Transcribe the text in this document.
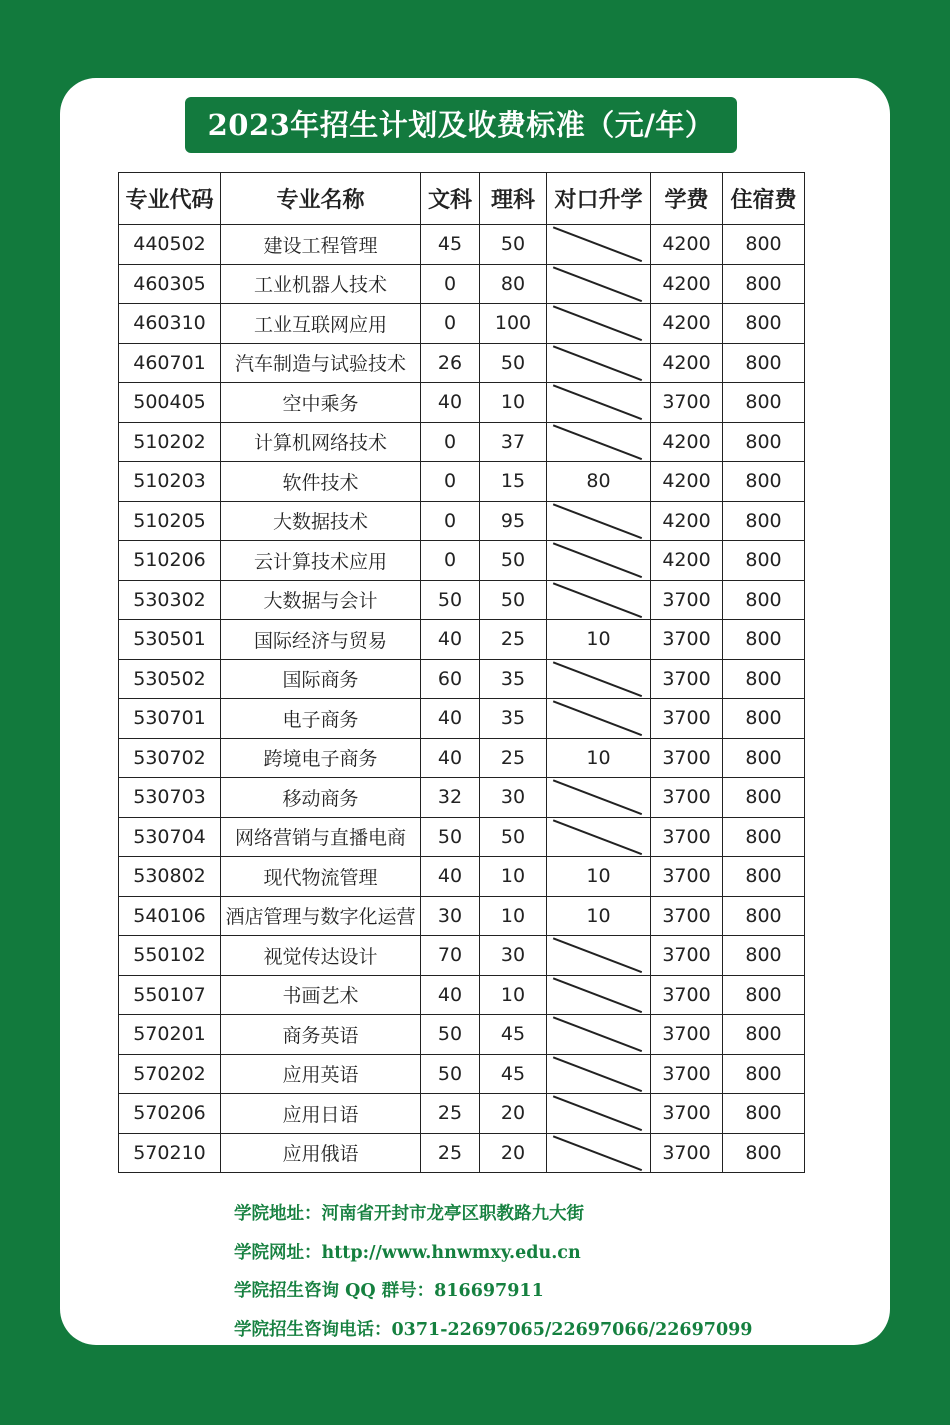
2023年招生计划及收费标准（元/年）
专业代码	专业名称	文科	理科	对口升学	学费	住宿费
440502	建设工程管理	45	50		4200	800
460305	工业机器人技术	0	80		4200	800
460310	工业互联网应用	0	100		4200	800
460701	汽车制造与试验技术	26	50		4200	800
500405	空中乘务	40	10		3700	800
510202	计算机网络技术	0	37		4200	800
510203	软件技术	0	15	80	4200	800
510205	大数据技术	0	95		4200	800
510206	云计算技术应用	0	50		4200	800
530302	大数据与会计	50	50		3700	800
530501	国际经济与贸易	40	25	10	3700	800
530502	国际商务	60	35		3700	800
530701	电子商务	40	35		3700	800
530702	跨境电子商务	40	25	10	3700	800
530703	移动商务	32	30		3700	800
530704	网络营销与直播电商	50	50		3700	800
530802	现代物流管理	40	10	10	3700	800
540106	酒店管理与数字化运营	30	10	10	3700	800
550102	视觉传达设计	70	30		3700	800
550107	书画艺术	40	10		3700	800
570201	商务英语	50	45		3700	800
570202	应用英语	50	45		3700	800
570206	应用日语	25	20		3700	800
570210	应用俄语	25	20		3700	800
学院地址：河南省开封市龙亭区职教路九大街
学院网址：http://www.hnwmxy.edu.cn
学院招生咨询 QQ 群号：816697911
学院招生咨询电话：0371-22697065/22697066/22697099
